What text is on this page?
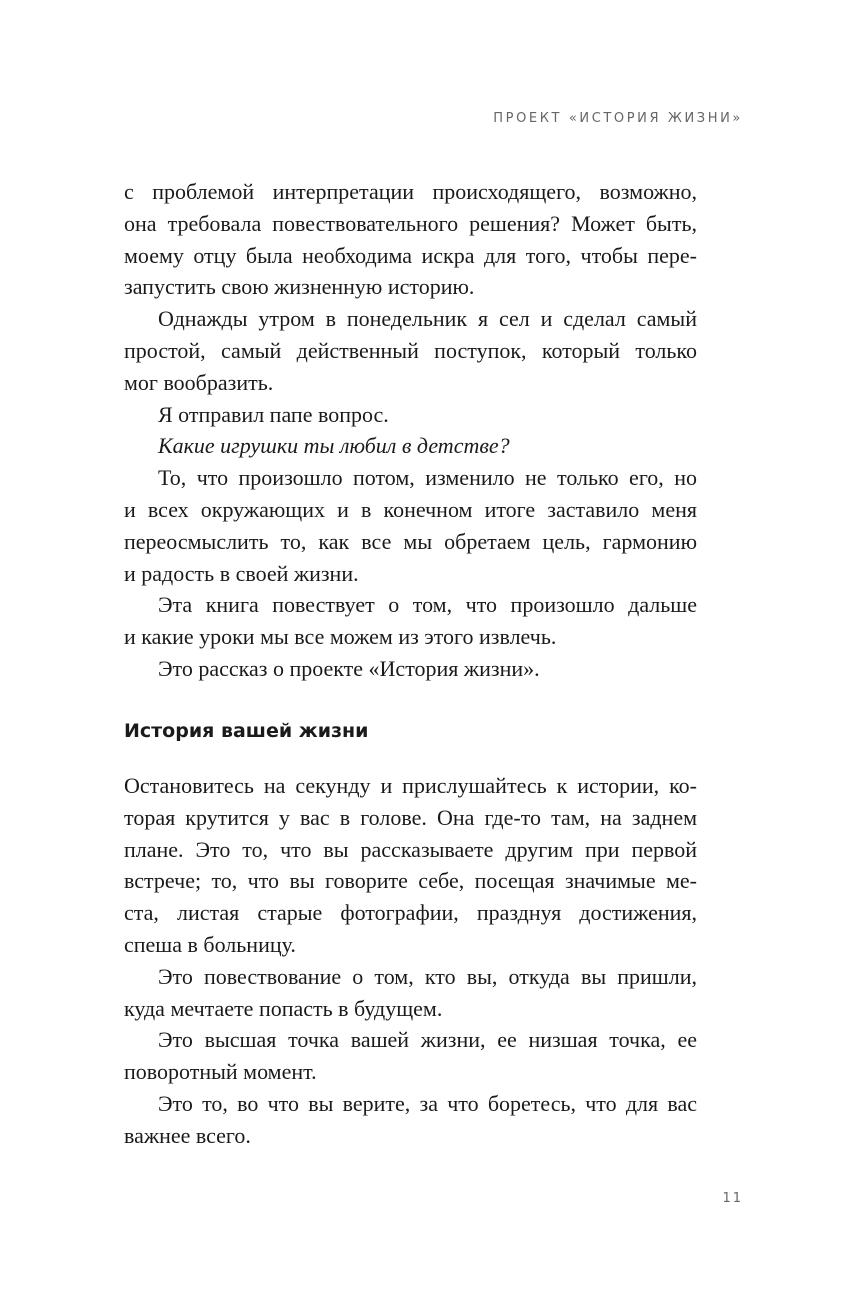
ПРОЕКТ «ИСТОРИЯ ЖИЗНИ»
с проблемой интерпретации происходящего, возможно,
она требовала повествовательного решения? Может быть,
моему отцу была необходима искра для того, чтобы пере-
запустить свою жизненную историю.
Однажды утром в понедельник я сел и сделал самый
простой, самый действенный поступок, который только
мог вообразить.
Я отправил папе вопрос.
Какие игрушки ты любил в детстве?
То, что произошло потом, изменило не только его, но
и всех окружающих и в конечном итоге заставило меня
переосмыслить то, как все мы обретаем цель, гармонию
и радость в своей жизни.
Эта книга повествует о том, что произошло дальше
и какие уроки мы все можем из этого извлечь.
Это рассказ о проекте «История жизни».
История вашей жизни
Остановитесь на секунду и прислушайтесь к истории, ко-
торая крутится у вас в голове. Она где-то там, на заднем
плане. Это то, что вы рассказываете другим при первой
встрече; то, что вы говорите себе, посещая значимые ме-
ста, листая старые фотографии, празднуя достижения,
спеша в больницу.
Это повествование о том, кто вы, откуда вы пришли,
куда мечтаете попасть в будущем.
Это высшая точка вашей жизни, ее низшая точка, ее
поворотный момент.
Это то, во что вы верите, за что боретесь, что для вас
важнее всего.
11
